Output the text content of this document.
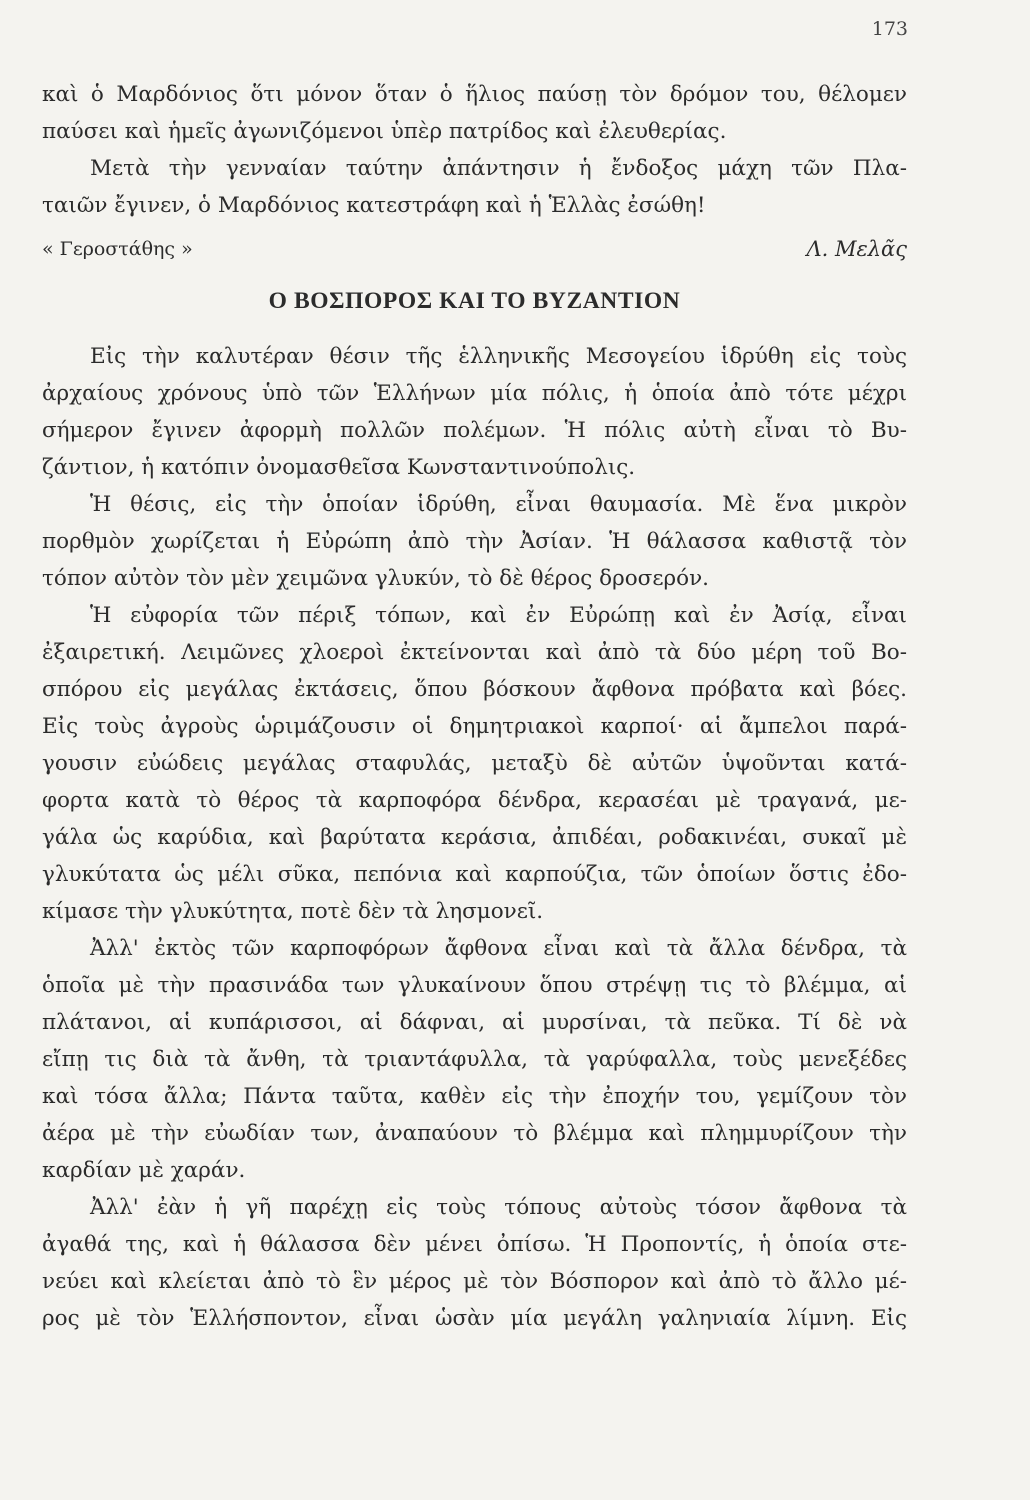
173
καὶ ὁ Μαρδόνιος ὅτι μόνον ὅταν ὁ ἥλιος παύσῃ τὸν δρόμον του, θέλομεν
παύσει καὶ ἡμεῖς ἀγωνιζόμενοι ὑπὲρ πατρίδος καὶ ἐλευθερίας.
Μετὰ τὴν γενναίαν ταύτην ἀπάντησιν ἡ ἔνδοξος μάχη τῶν Πλα-
ταιῶν ἔγινεν, ὁ Μαρδόνιος κατεστράφη καὶ ἡ Ἑλλὰς ἐσώθη!
« Γεροστάθης »	Λ. Μελᾶς
Ο ΒΟΣΠΟΡΟΣ ΚΑΙ ΤΟ ΒΥΖΑΝΤΙΟΝ
Εἰς τὴν καλυτέραν θέσιν τῆς ἑλληνικῆς Μεσογείου ἱδρύθη εἰς τοὺς
ἀρχαίους χρόνους ὑπὸ τῶν Ἑλλήνων μία πόλις, ἡ ὁποία ἀπὸ τότε μέχρι
σήμερον ἔγινεν ἀφορμὴ πολλῶν πολέμων. Ἡ πόλις αὐτὴ εἶναι τὸ Βυ-
ζάντιον, ἡ κατόπιν ὀνομασθεῖσα Κωνσταντινούπολις.
Ἡ θέσις, εἰς τὴν ὁποίαν ἱδρύθη, εἶναι θαυμασία. Μὲ ἕνα μικρὸν
πορθμὸν χωρίζεται ἡ Εὐρώπη ἀπὸ τὴν Ἀσίαν. Ἡ θάλασσα καθιστᾷ τὸν
τόπον αὐτὸν τὸν μὲν χειμῶνα γλυκύν, τὸ δὲ θέρος δροσερόν.
Ἡ εὐφορία τῶν πέριξ τόπων, καὶ ἐν Εὐρώπῃ καὶ ἐν Ἀσίᾳ, εἶναι
ἐξαιρετική. Λειμῶνες χλοεροὶ ἐκτείνονται καὶ ἀπὸ τὰ δύο μέρη τοῦ Βο-
σπόρου εἰς μεγάλας ἐκτάσεις, ὅπου βόσκουν ἄφθονα πρόβατα καὶ βόες.
Εἰς τοὺς ἀγροὺς ὡριμάζουσιν οἱ δημητριακοὶ καρποί· αἱ ἄμπελοι παρά-
γουσιν εὐώδεις μεγάλας σταφυλάς, μεταξὺ δὲ αὐτῶν ὑψοῦνται κατά-
φορτα κατὰ τὸ θέρος τὰ καρποφόρα δένδρα, κερασέαι μὲ τραγανά, με-
γάλα ὡς καρύδια, καὶ βαρύτατα κεράσια, ἀπιδέαι, ροδακινέαι, συκαῖ μὲ
γλυκύτατα ὡς μέλι σῦκα, πεπόνια καὶ καρπούζια, τῶν ὁποίων ὅστις ἐδο-
κίμασε τὴν γλυκύτητα, ποτὲ δὲν τὰ λησμονεῖ.
Ἀλλ' ἐκτὸς τῶν καρποφόρων ἄφθονα εἶναι καὶ τὰ ἄλλα δένδρα, τὰ
ὁποῖα μὲ τὴν πρασινάδα των γλυκαίνουν ὅπου στρέψῃ τις τὸ βλέμμα, αἱ
πλάτανοι, αἱ κυπάρισσοι, αἱ δάφναι, αἱ μυρσίναι, τὰ πεῦκα. Τί δὲ νὰ
εἴπῃ τις διὰ τὰ ἄνθη, τὰ τριαντάφυλλα, τὰ γαρύφαλλα, τοὺς μενεξέδες
καὶ τόσα ἄλλα; Πάντα ταῦτα, καθὲν εἰς τὴν ἐποχήν του, γεμίζουν τὸν
ἀέρα μὲ τὴν εὐωδίαν των, ἀναπαύουν τὸ βλέμμα καὶ πλημμυρίζουν τὴν
καρδίαν μὲ χαράν.
Ἀλλ' ἐὰν ἡ γῆ παρέχῃ εἰς τοὺς τόπους αὐτοὺς τόσον ἄφθονα τὰ
ἀγαθά της, καὶ ἡ θάλασσα δὲν μένει ὀπίσω. Ἡ Προποντίς, ἡ ὁποία στε-
νεύει καὶ κλείεται ἀπὸ τὸ ἓν μέρος μὲ τὸν Βόσπορον καὶ ἀπὸ τὸ ἄλλο μέ-
ρος μὲ τὸν Ἑλλήσποντον, εἶναι ὡσὰν μία μεγάλη γαληνιαία λίμνη. Εἰς
